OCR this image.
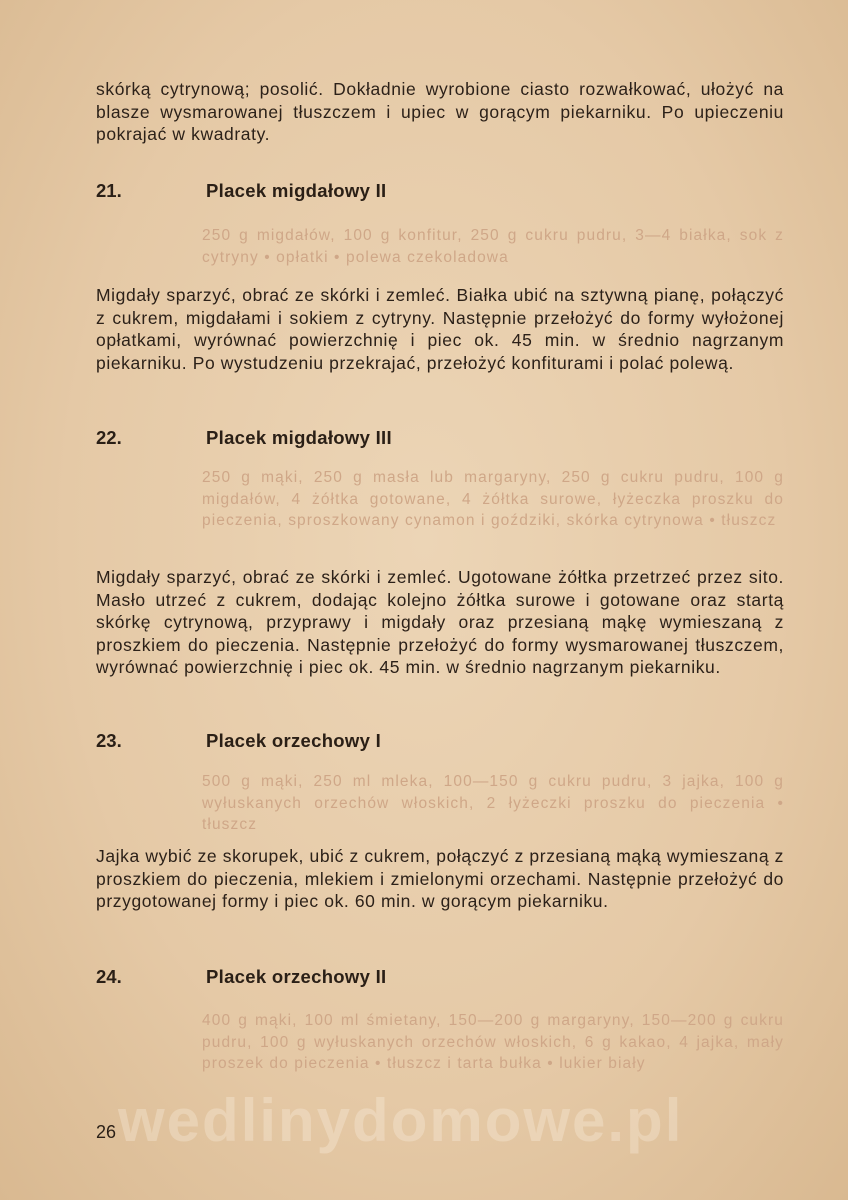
skórką cytrynową; posolić. Dokładnie wyrobione ciasto rozwałkować, ułożyć na blasze wysmarowanej tłuszczem i upiec w gorącym piekarniku. Po upieczeniu pokrajać w kwadraty.

21.	Placek migdałowy II

250 g migdałów, 100 g konfitur, 250 g cukru pudru, 3—4 białka, sok z cytryny • opłatki • polewa czekoladowa

Migdały sparzyć, obrać ze skórki i zemleć. Białka ubić na sztywną pianę, połączyć z cukrem, migdałami i sokiem z cytryny. Następnie przełożyć do formy wyłożonej opłatkami, wyrównać powierzchnię i piec ok. 45 min. w średnio nagrzanym piekarniku. Po wystudzeniu przekrajać, przełożyć konfiturami i polać polewą.

22.	Placek migdałowy III

250 g mąki, 250 g masła lub margaryny, 250 g cukru pudru, 100 g migdałów, 4 żółtka gotowane, 4 żółtka surowe, łyżeczka proszku do pieczenia, sproszkowany cynamon i goździki, skórka cytrynowa • tłuszcz

Migdały sparzyć, obrać ze skórki i zemleć. Ugotowane żółtka przetrzeć przez sito. Masło utrzeć z cukrem, dodając kolejno żółtka surowe i gotowane oraz startą skórkę cytrynową, przyprawy i migdały oraz przesianą mąkę wymieszaną z proszkiem do pieczenia. Następnie przełożyć do formy wysmarowanej tłuszczem, wyrównać powierzchnię i piec ok. 45 min. w średnio nagrzanym piekarniku.

23.	Placek orzechowy I

500 g mąki, 250 ml mleka, 100—150 g cukru pudru, 3 jajka, 100 g wyłuskanych orzechów włoskich, 2 łyżeczki proszku do pieczenia • tłuszcz

Jajka wybić ze skorupek, ubić z cukrem, połączyć z przesianą mąką wymieszaną z proszkiem do pieczenia, mlekiem i zmielonymi orzechami. Następnie przełożyć do przygotowanej formy i piec ok. 60 min. w gorącym piekarniku.

24.	Placek orzechowy II

400 g mąki, 100 ml śmietany, 150—200 g margaryny, 150—200 g cukru pudru, 100 g wyłuskanych orzechów włoskich, 6 g kakao, 4 jajka, mały proszek do pieczenia • tłuszcz i tarta bułka • lukier biały

wedlinydomowe.pl
26
